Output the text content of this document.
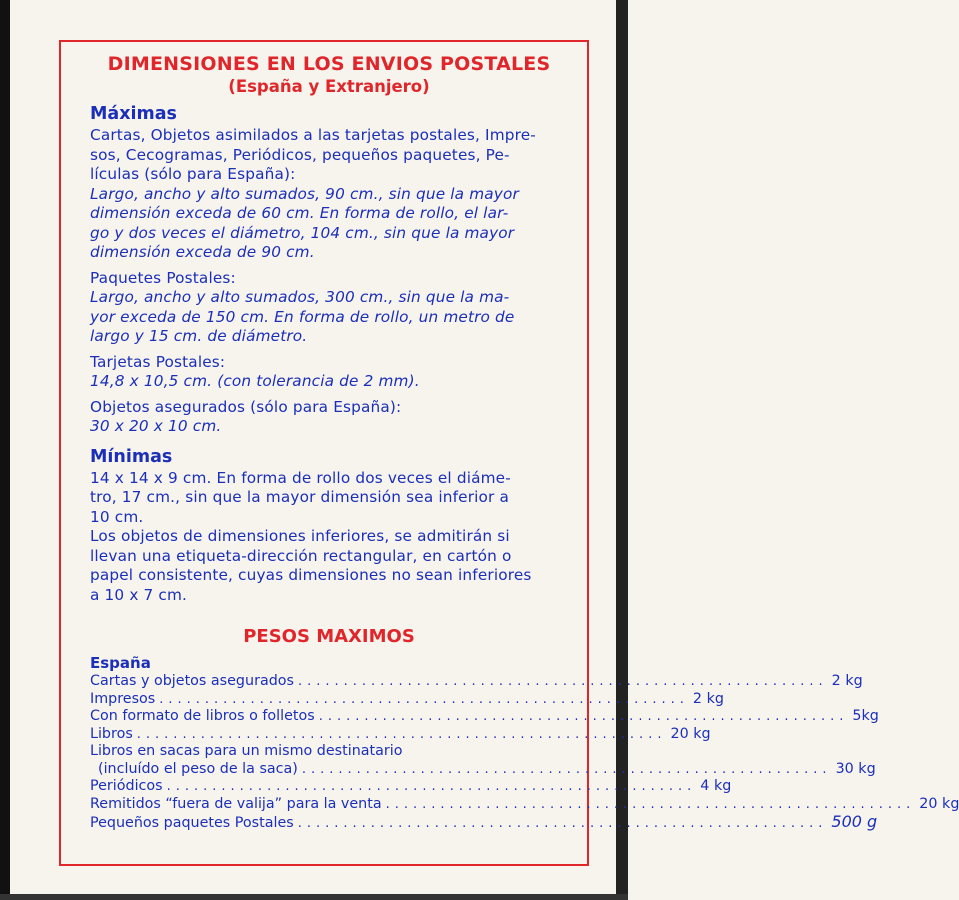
DIMENSIONES EN LOS ENVIOS POSTALES

(España y Extranjero)

Máximas

Cartas, Objetos asimilados a las tarjetas postales, Impre-

sos, Cecogramas, Periódicos, pequeños paquetes, Pe-

lículas (sólo para España):

Largo, ancho y alto sumados, 90 cm., sin que la mayor

dimensión exceda de 60 cm. En forma de rollo, el lar-

go y dos veces el diámetro, 104 cm., sin que la mayor

dimensión exceda de 90 cm.

Paquetes Postales:

Largo, ancho y alto sumados, 300 cm., sin que la ma-

yor exceda de 150 cm. En forma de rollo, un metro de

largo y 15 cm. de diámetro.

Tarjetas Postales:

14,8 x 10,5 cm. (con tolerancia de 2 mm).

Objetos asegurados (sólo para España):

30 x 20 x 10 cm.

Mínimas

14 x 14 x 9 cm. En forma de rollo dos veces el diáme-

tro, 17 cm., sin que la mayor dimensión sea inferior a

10 cm.

Los objetos de dimensiones inferiores, se admitirán si

llevan una etiqueta-dirección rectangular, en cartón o

papel consistente, cuyas dimensiones no sean inferiores

a 10 x 7 cm.

PESOS MAXIMOS

España

Cartas y objetos asegurados .......................................................... 2 kg
Impresos .......................................................... 2 kg
Con formato de libros o folletos .......................................................... 5kg
Libros .......................................................... 20 kg
Libros en sacas para un mismo destinatario
(incluído el peso de la saca) .......................................................... 30 kg
Periódicos .......................................................... 4 kg
Remitidos “fuera de valija” para la venta .......................................................... 20 kg
Pequeños paquetes Postales .......................................................... 500 g
